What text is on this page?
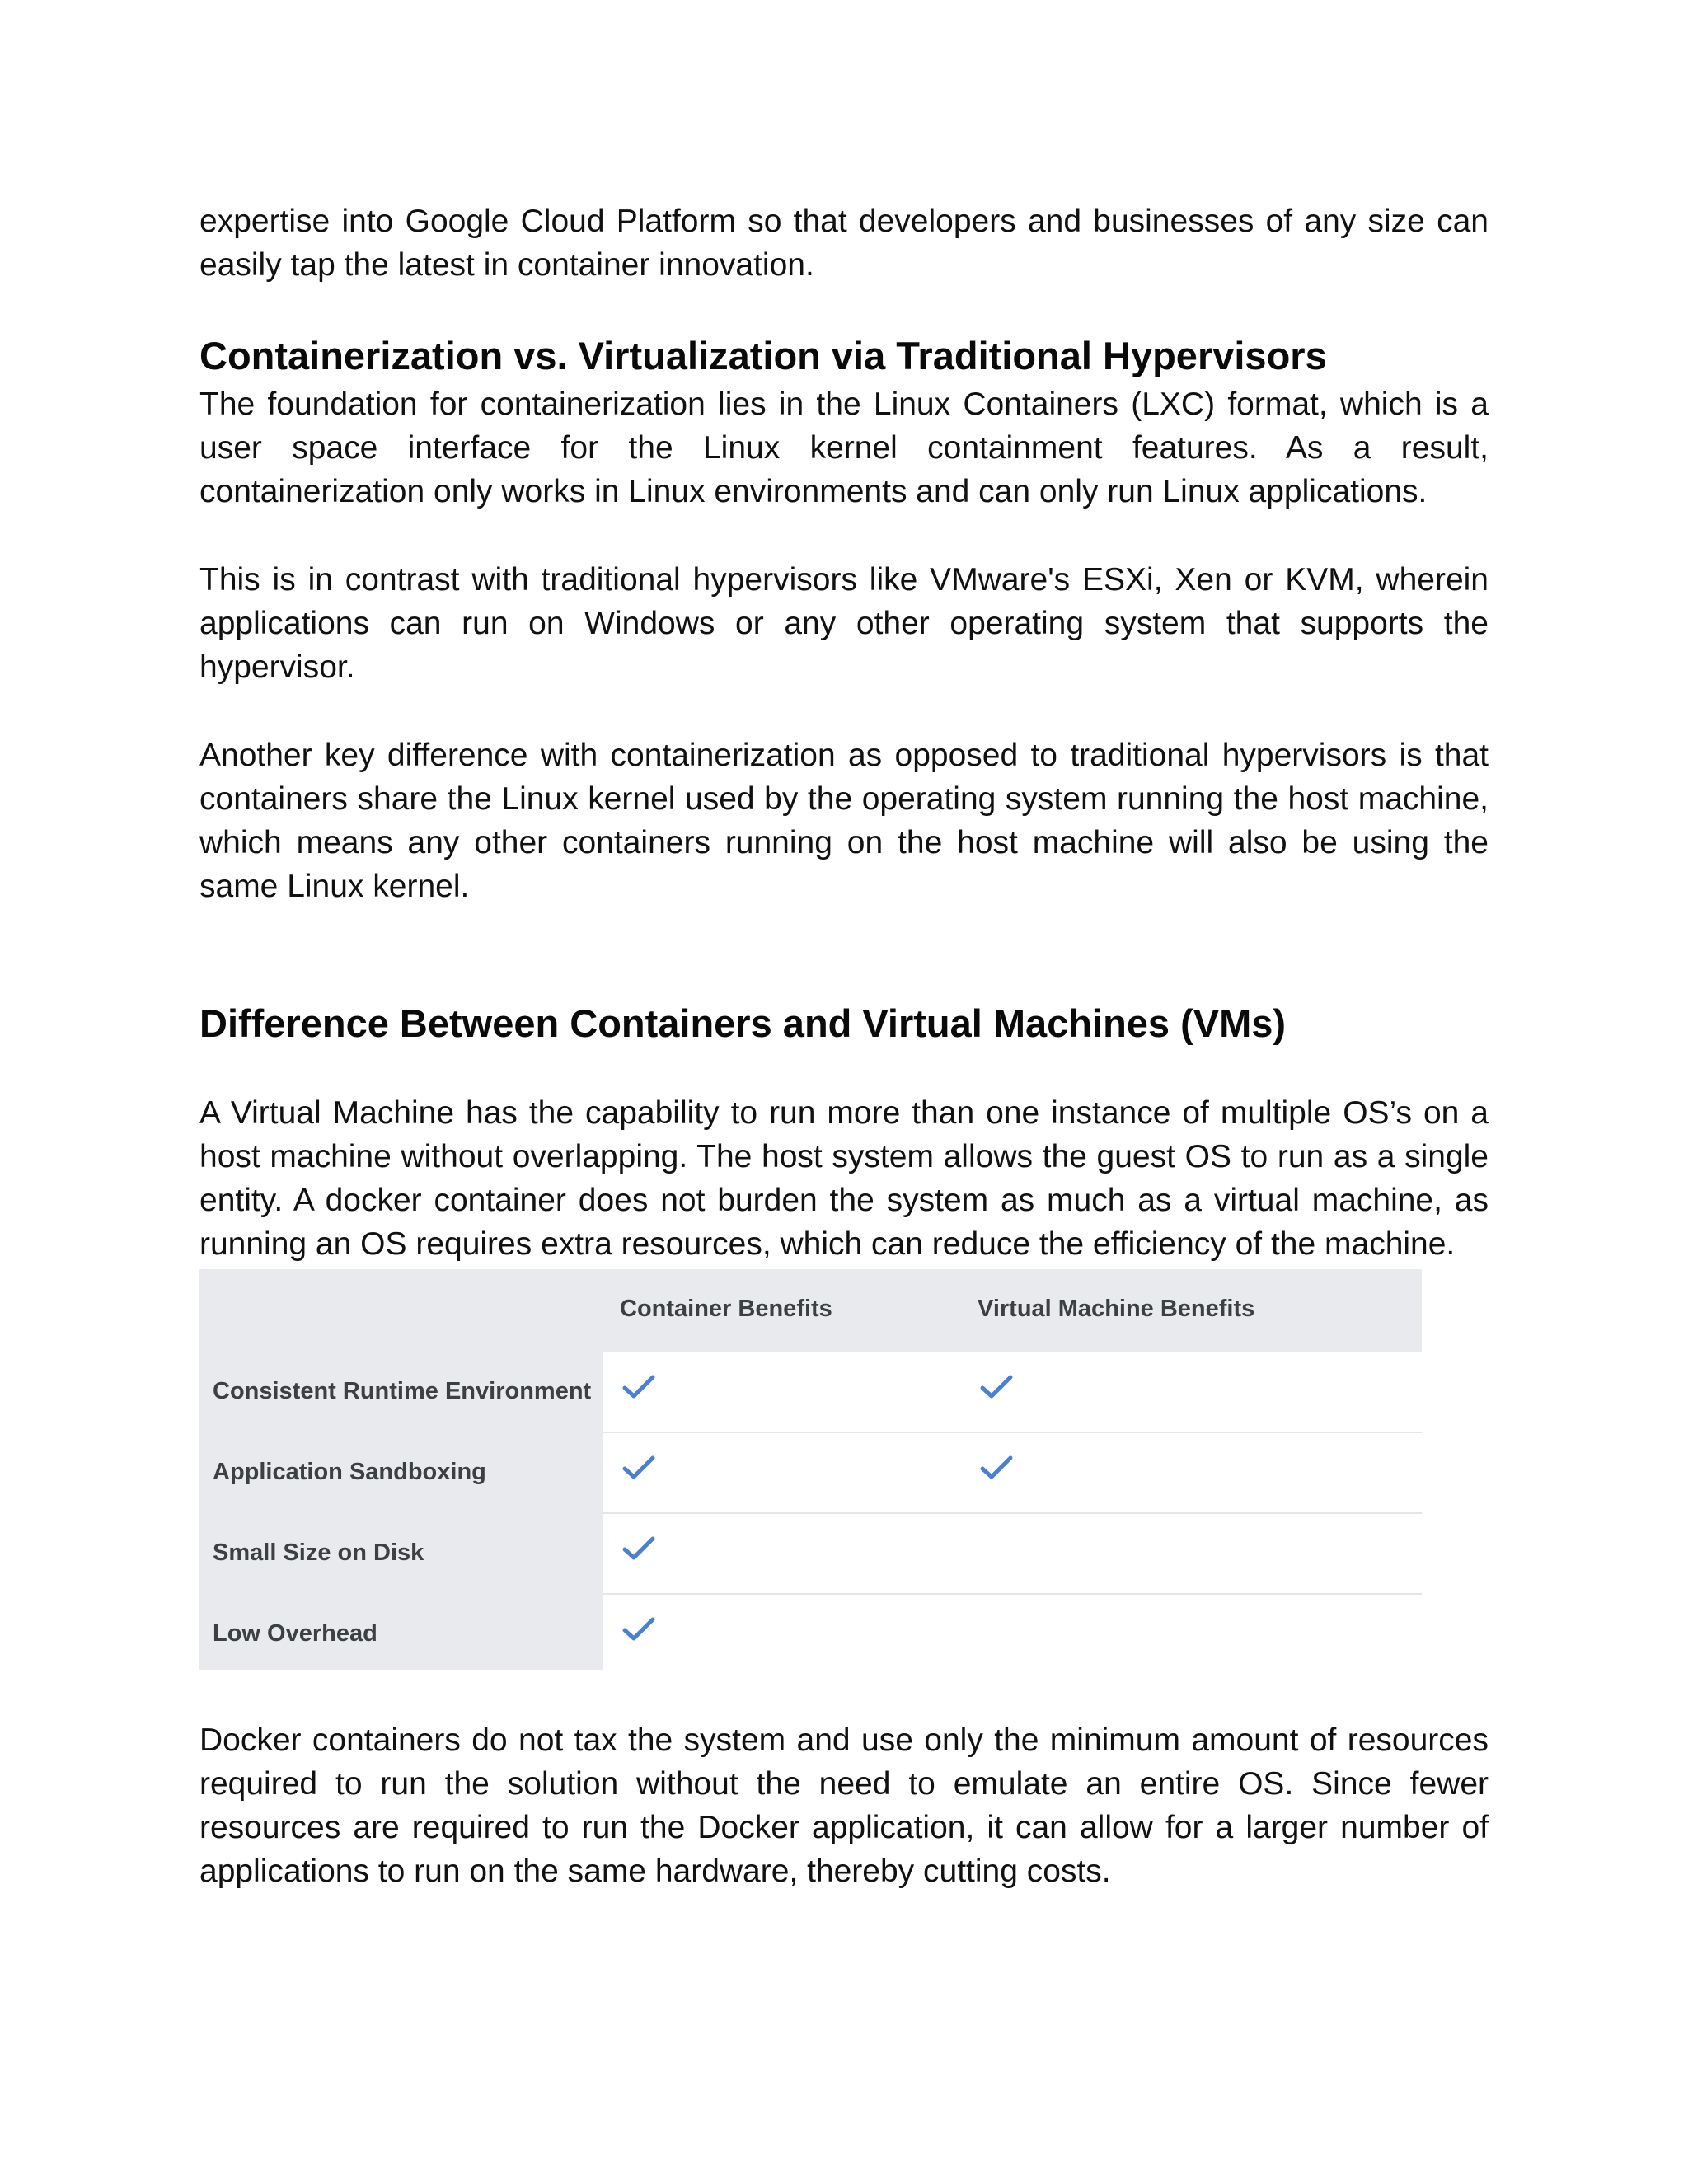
expertise into Google Cloud Platform so that developers and businesses of any size can easily tap the latest in container innovation.

Containerization vs. Virtualization via Traditional Hypervisors

The foundation for containerization lies in the Linux Containers (LXC) format, which is a user space interface for the Linux kernel containment features. As a result, containerization only works in Linux environments and can only run Linux applications.

This is in contrast with traditional hypervisors like VMware's ESXi, Xen or KVM, wherein applications can run on Windows or any other operating system that supports the hypervisor.

Another key difference with containerization as opposed to traditional hypervisors is that containers share the Linux kernel used by the operating system running the host machine, which means any other containers running on the host machine will also be using the same Linux kernel.

Difference Between Containers and Virtual Machines (VMs)

A Virtual Machine has the capability to run more than one instance of multiple OS’s on a host machine without overlapping. The host system allows the guest OS to run as a single entity. A docker container does not burden the system as much as a virtual machine, as running an OS requires extra resources, which can reduce the efficiency of the machine.

Container Benefits	Virtual Machine Benefits
Consistent Runtime Environment
Application Sandboxing
Small Size on Disk
Low Overhead

Docker containers do not tax the system and use only the minimum amount of resources required to run the solution without the need to emulate an entire OS. Since fewer resources are required to run the Docker application, it can allow for a larger number of applications to run on the same hardware, thereby cutting costs.
